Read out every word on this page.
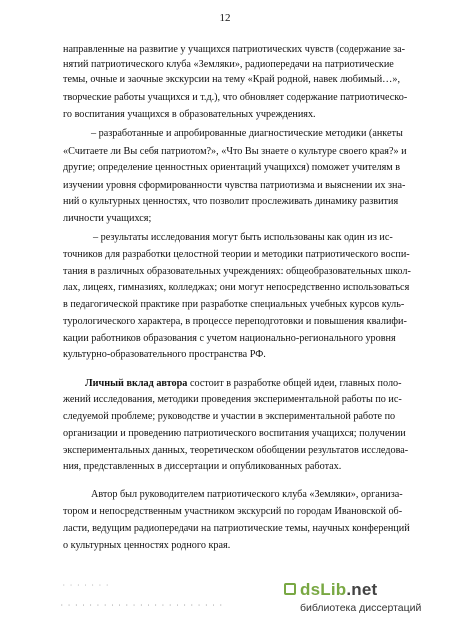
12
направленные на развитие у учащихся патриотических чувств (содержание за-
нятий патриотического клуба «Земляки», радиопередачи на патриотические
темы, очные и заочные экскурсии на тему «Край родной, навек любимый…»,
творческие работы учащихся и т.д.), что обновляет содержание патриотическо-
го воспитания учащихся в образовательных учреждениях.
– разработанные и апробированные диагностические методики (анкеты
«Считаете ли Вы себя патриотом?», «Что Вы знаете о культуре своего края?» и
другие; определение ценностных ориентаций учащихся) поможет учителям в
изучении уровня сформированности чувства патриотизма и выяснении их зна-
ний о культурных ценностях, что позволит прослеживать динамику развития
личности учащихся;
– результаты исследования могут быть использованы как один из ис-
точников для разработки целостной теории и методики патриотического воспи-
тания в различных образовательных учреждениях: общеобразовательных школ-
лах, лицеях, гимназиях, колледжах; они могут непосредственно использоваться
в педагогической практике при разработке специальных учебных курсов куль-
турологического характера, в процессе переподготовки и повышения квалифи-
кации работников образования с учетом национально-регионального уровня
культурно-образовательного пространства РФ.
Личный вклад автора состоит в разработке общей идеи, главных поло-
жений исследования, методики проведения экспериментальной работы по ис-
следуемой проблеме; руководстве и участии в экспериментальной работе по
организации и проведению патриотического воспитания учащихся; получении
экспериментальных данных, теоретическом обобщении результатов исследова-
ния, представленных в диссертации и опубликованных работах.
Автор был руководителем патриотического клуба «Земляки», организа-
тором и непосредственным участником экскурсий по городам Ивановской об-
ласти, ведущим радиопередачи на патриотические темы, научных конференций
о культурных ценностях родного края.
· · · · · · ·
· · · · · · · · · · · · · · · · · · · · · · ·
dsLib.net
библиотека диссертаций
